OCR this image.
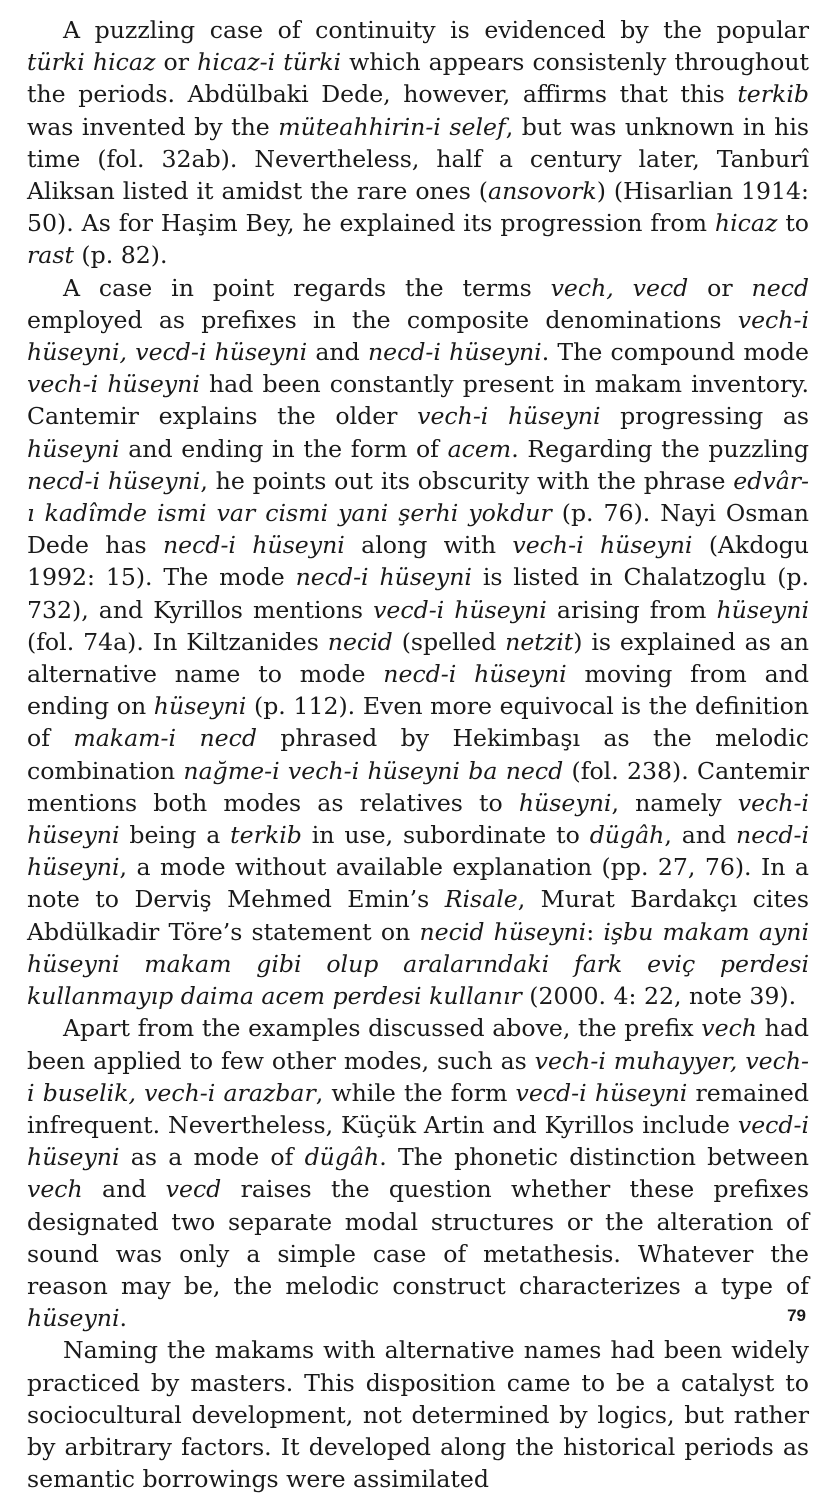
A puzzling case of continuity is evidenced by the popular türki hicaz or hicaz-i türki which appears consistenly throughout the periods. Abdülbaki Dede, however, affirms that this terkib was invented by the müteahhirin-i selef, but was unknown in his time (fol. 32ab). Nevertheless, half a century later, Tanburî Aliksan listed it amidst the rare ones (ansovork) (Hisarlian 1914: 50). As for Haşim Bey, he explained its progression from hicaz to rast (p. 82).

A case in point regards the terms vech, vecd or necd employed as prefixes in the composite denominations vech-i hüseyni, vecd-i hüseyni and necd-i hüseyni. The compound mode vech-i hüseyni had been constantly present in makam inventory. Cantemir explains the older vech-i hüseyni progressing as hüseyni and ending in the form of acem. Regarding the puzzling necd-i hüseyni, he points out its obscurity with the phrase edvâr-ı kadîmde ismi var cismi yani şerhi yokdur (p. 76). Nayi Osman Dede has necd-i hüseyni along with vech-i hüseyni (Akdogu 1992: 15). The mode necd-i hüseyni is listed in Chalatzoglu (p. 732), and Kyrillos mentions vecd-i hüseyni arising from hüseyni (fol. 74a). In Kiltzanides necid (spelled netzit) is explained as an alternative name to mode necd-i hüseyni moving from and ending on hüseyni (p. 112). Even more equivocal is the definition of makam-i necd phrased by Hekimbaşı as the melodic combination nağme-i vech-i hüseyni ba necd (fol. 238). Cantemir mentions both modes as relatives to hüseyni, namely vech-i hüseyni being a terkib in use, subordinate to dügâh, and necd-i hüseyni, a mode without available explanation (pp. 27, 76). In a note to Derviş Mehmed Emin’s Risale, Murat Bardakçı cites Abdülkadir Töre’s statement on necid hüseyni: işbu makam ayni hüseyni makam gibi olup aralarındaki fark eviç perdesi kullanmayıp daima acem perdesi kullanır (2000. 4: 22, note 39).

Apart from the examples discussed above, the prefix vech had been applied to few other modes, such as vech-i muhayyer, vech-i buselik, vech-i arazbar, while the form vecd-i hüseyni remained infrequent. Nevertheless, Küçük Artin and Kyrillos include vecd-i hüseyni as a mode of dügâh. The phonetic distinction between vech and vecd raises the question whether these prefixes designated two separate modal structures or the alteration of sound was only a simple case of metathesis. Whatever the reason may be, the melodic construct characterizes a type of hüseyni.

Naming the makams with alternative names had been widely practiced by masters. This disposition came to be a catalyst to sociocultural development, not determined by logics, but rather by arbitrary factors. It developed along the historical periods as semantic borrowings were assimilated

79
